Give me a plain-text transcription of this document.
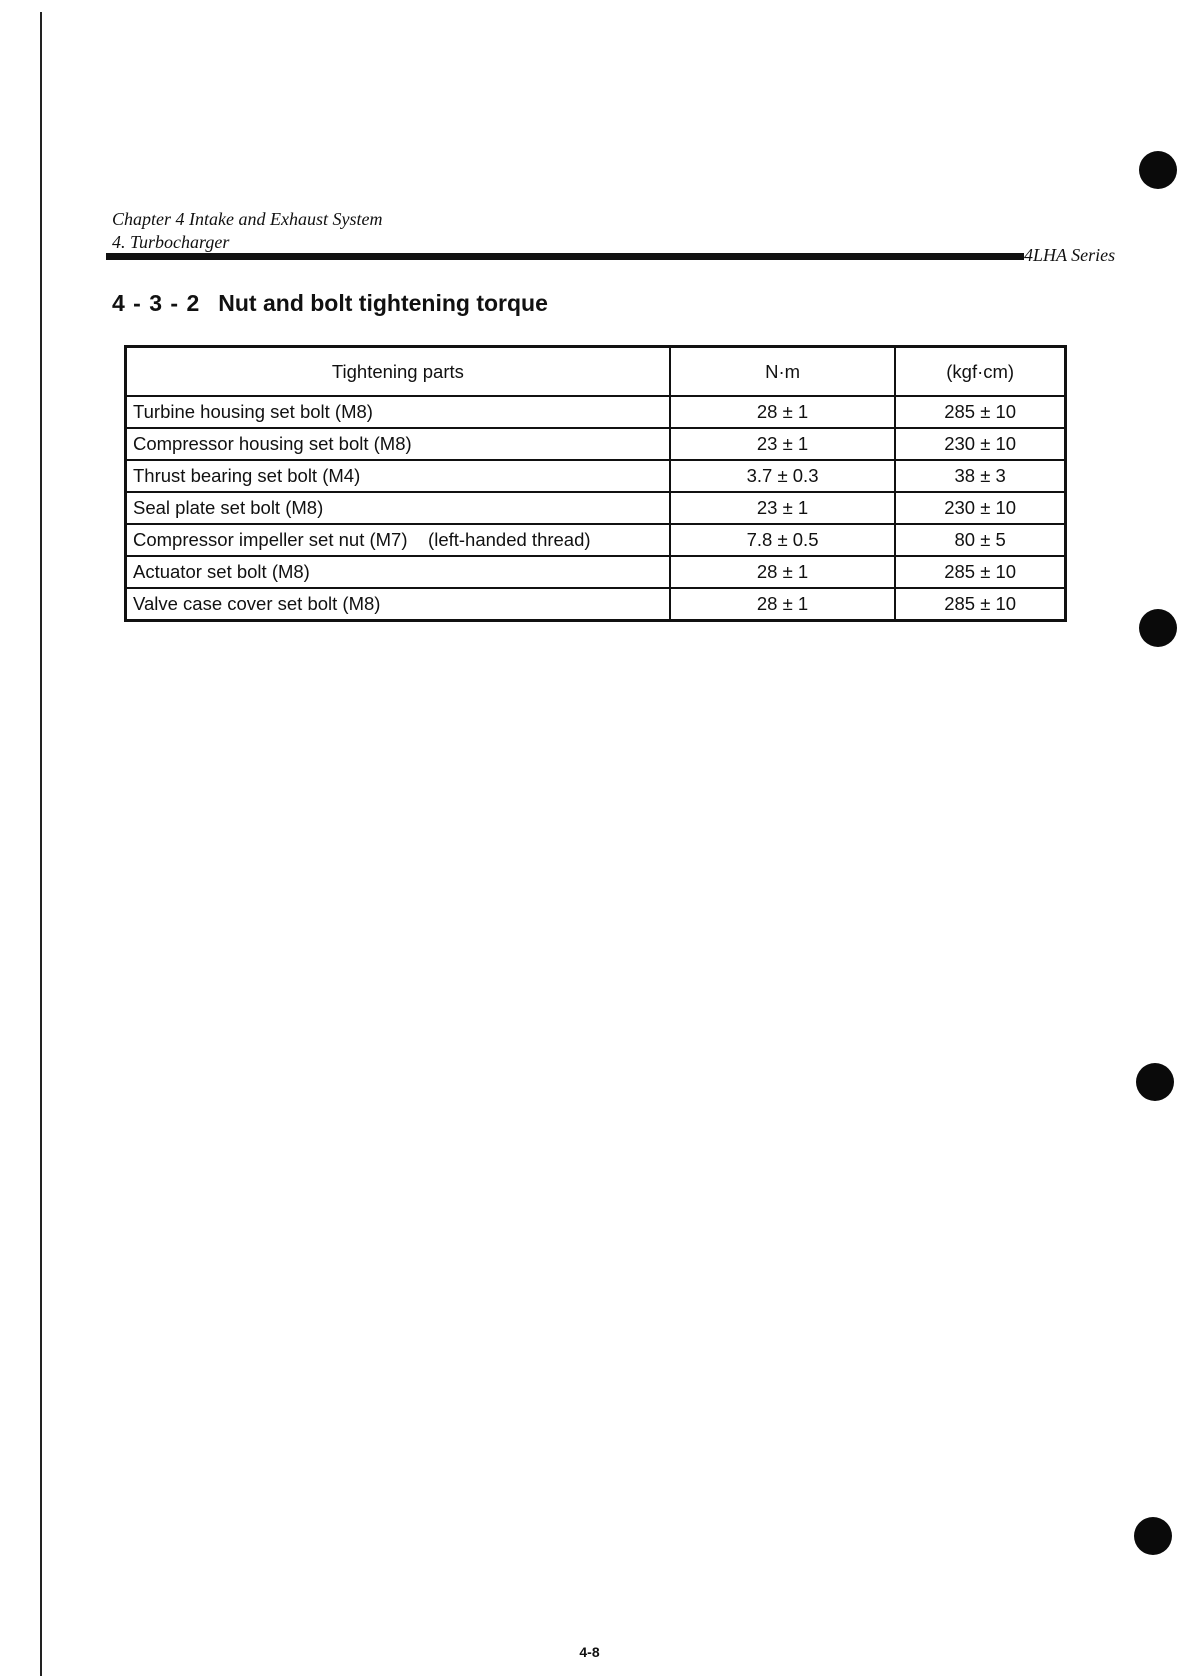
Chapter 4 Intake and Exhaust System
4. Turbocharger
4LHA Series
4 - 3 - 2 Nut and bolt tightening torque
Tightening parts	N·m	(kgf·cm)
Turbine housing set bolt (M8)	28 ± 1	285 ± 10
Compressor housing set bolt (M8)	23 ± 1	230 ± 10
Thrust bearing set bolt (M4)	3.7 ± 0.3	38 ± 3
Seal plate set bolt (M8)	23 ± 1	230 ± 10
Compressor impeller set nut (M7)    (left-handed thread)	7.8 ± 0.5	80 ± 5
Actuator set bolt (M8)	28 ± 1	285 ± 10
Valve case cover set bolt (M8)	28 ± 1	285 ± 10
4-8
